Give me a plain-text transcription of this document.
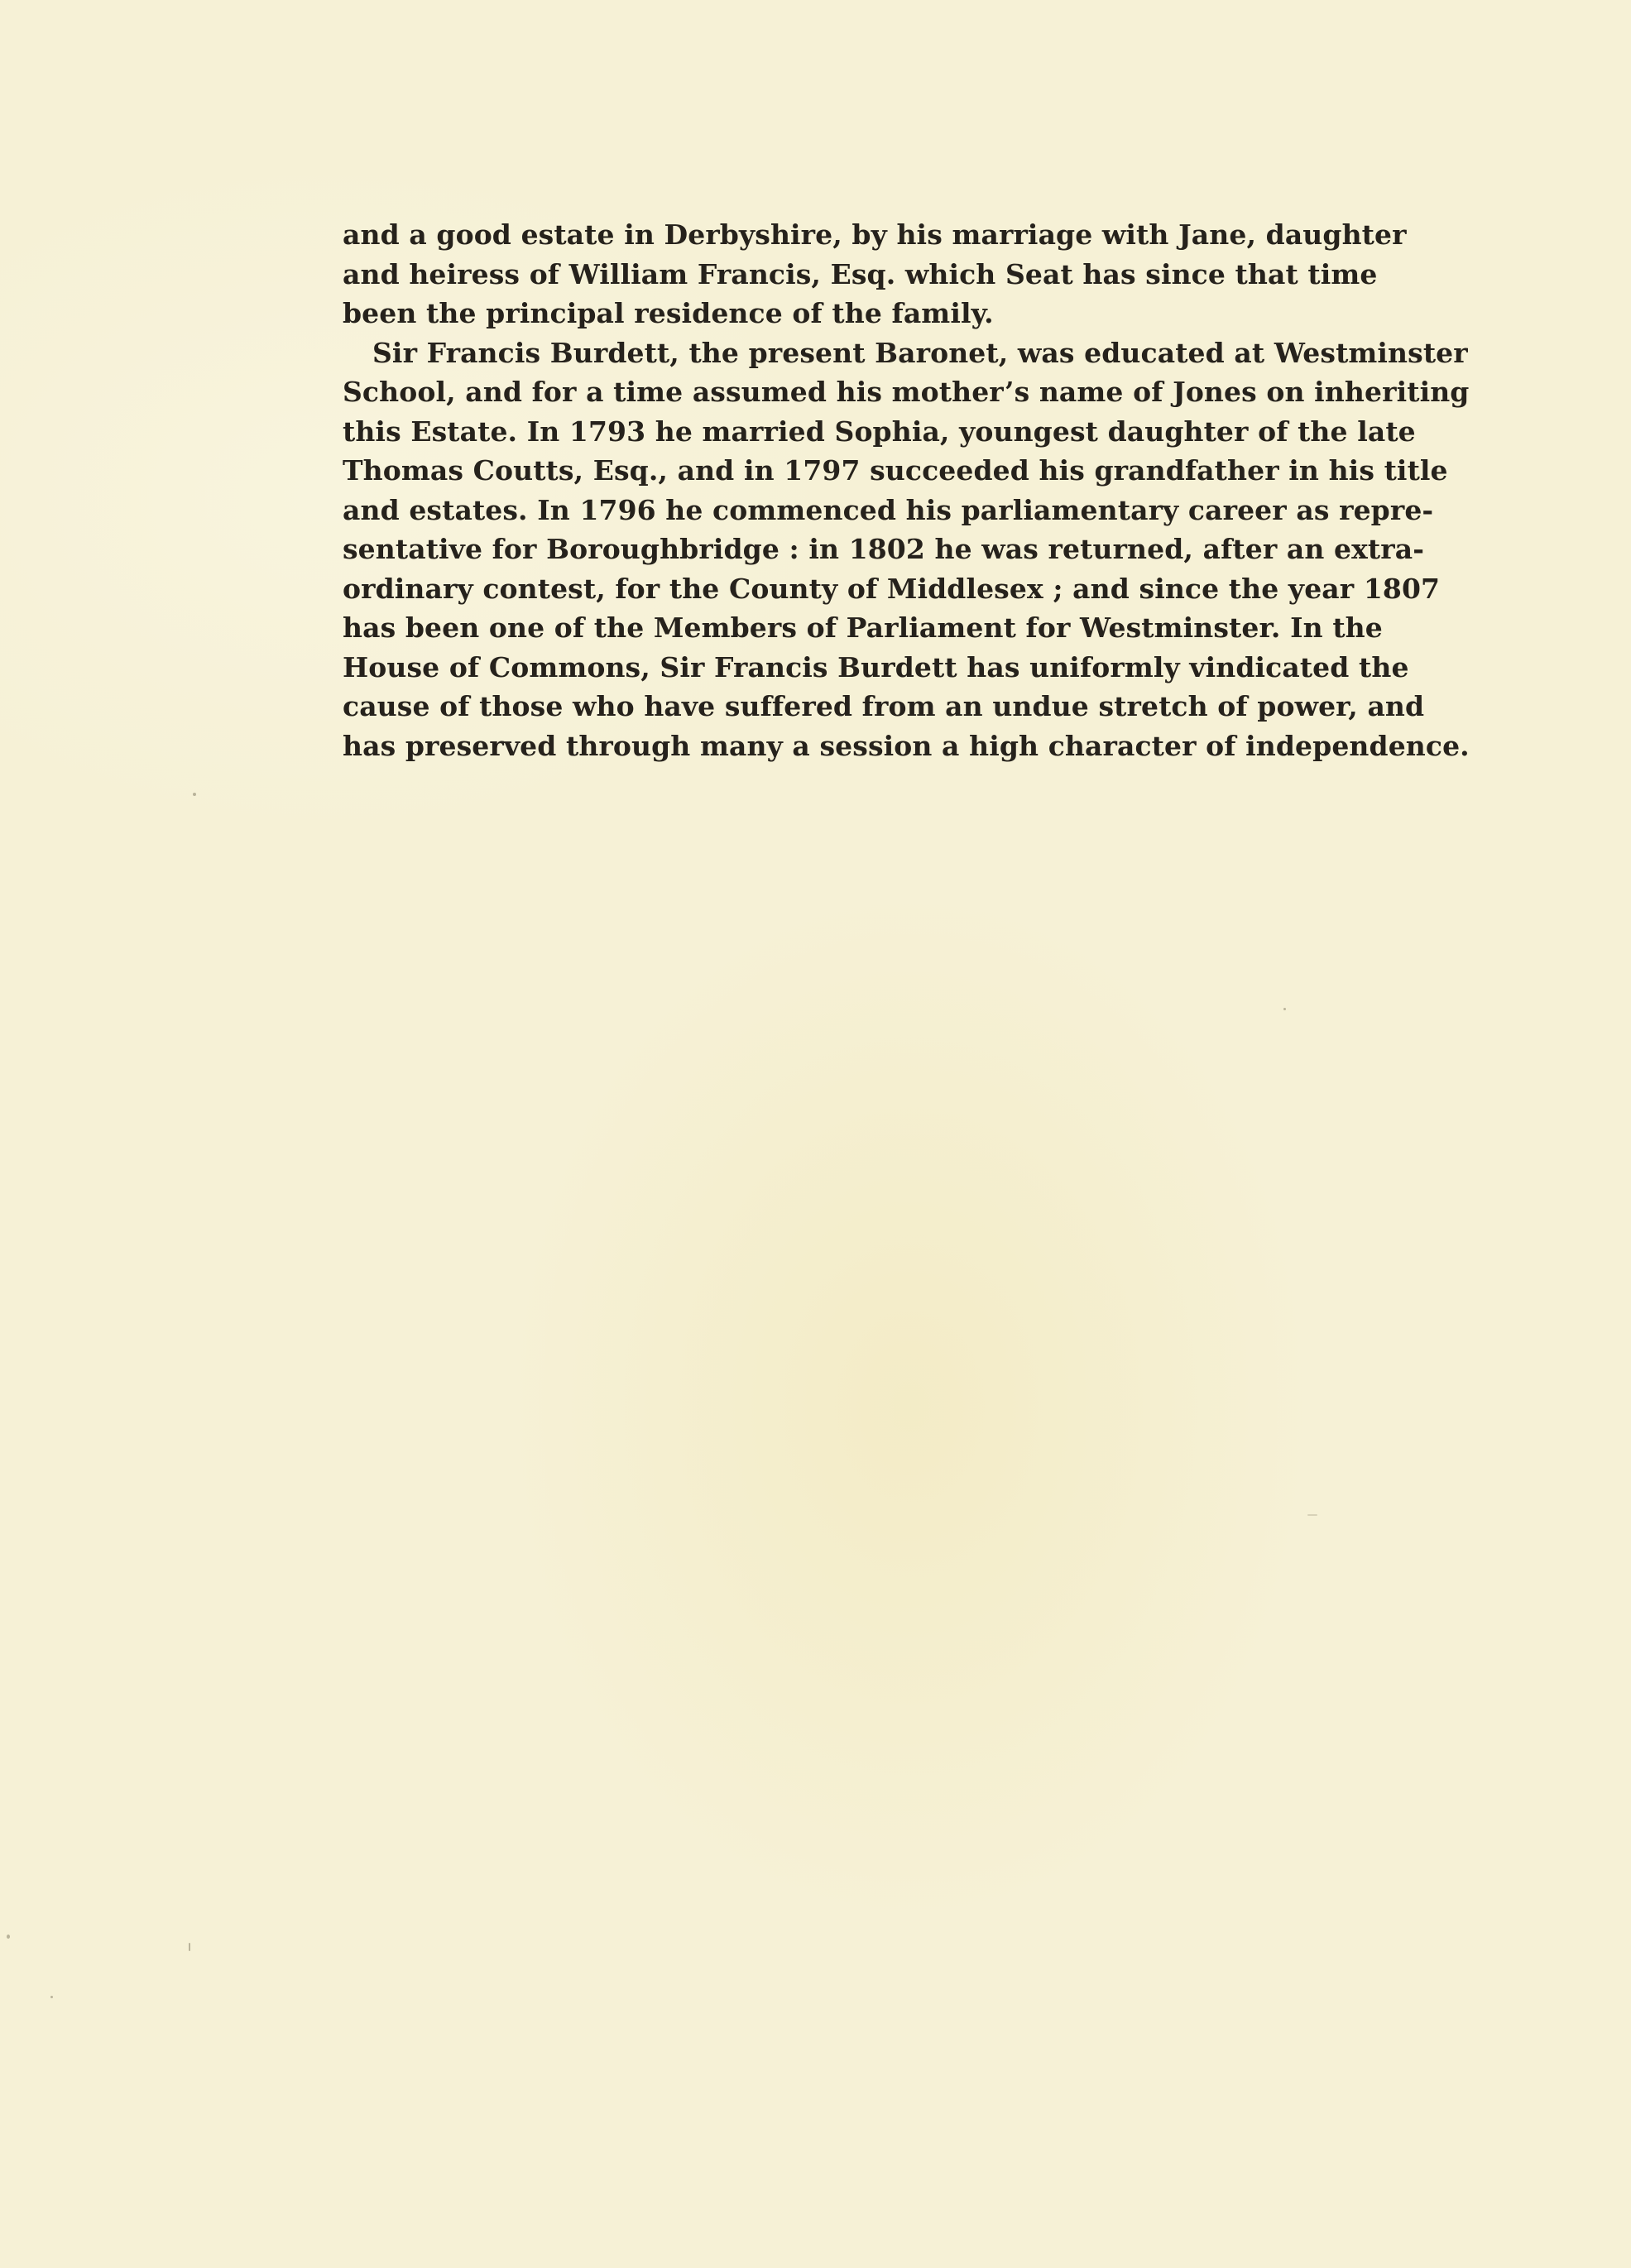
and a good estate in Derbyshire, by his marriage with Jane, daughter
and heiress of William Francis, Esq. which Seat has since that time
been the principal residence of the family.

Sir Francis Burdett, the present Baronet, was educated at Westminster
School, and for a time assumed his mother’s name of Jones on inheriting
this Estate. In 1793 he married Sophia, youngest daughter of the late
Thomas Coutts, Esq., and in 1797 succeeded his grandfather in his title
and estates. In 1796 he commenced his parliamentary career as repre-
sentative for Boroughbridge : in 1802 he was returned, after an extra-
ordinary contest, for the County of Middlesex ; and since the year 1807
has been one of the Members of Parliament for Westminster. In the
House of Commons, Sir Francis Burdett has uniformly vindicated the
cause of those who have suffered from an undue stretch of power, and
has preserved through many a session a high character of independence.
